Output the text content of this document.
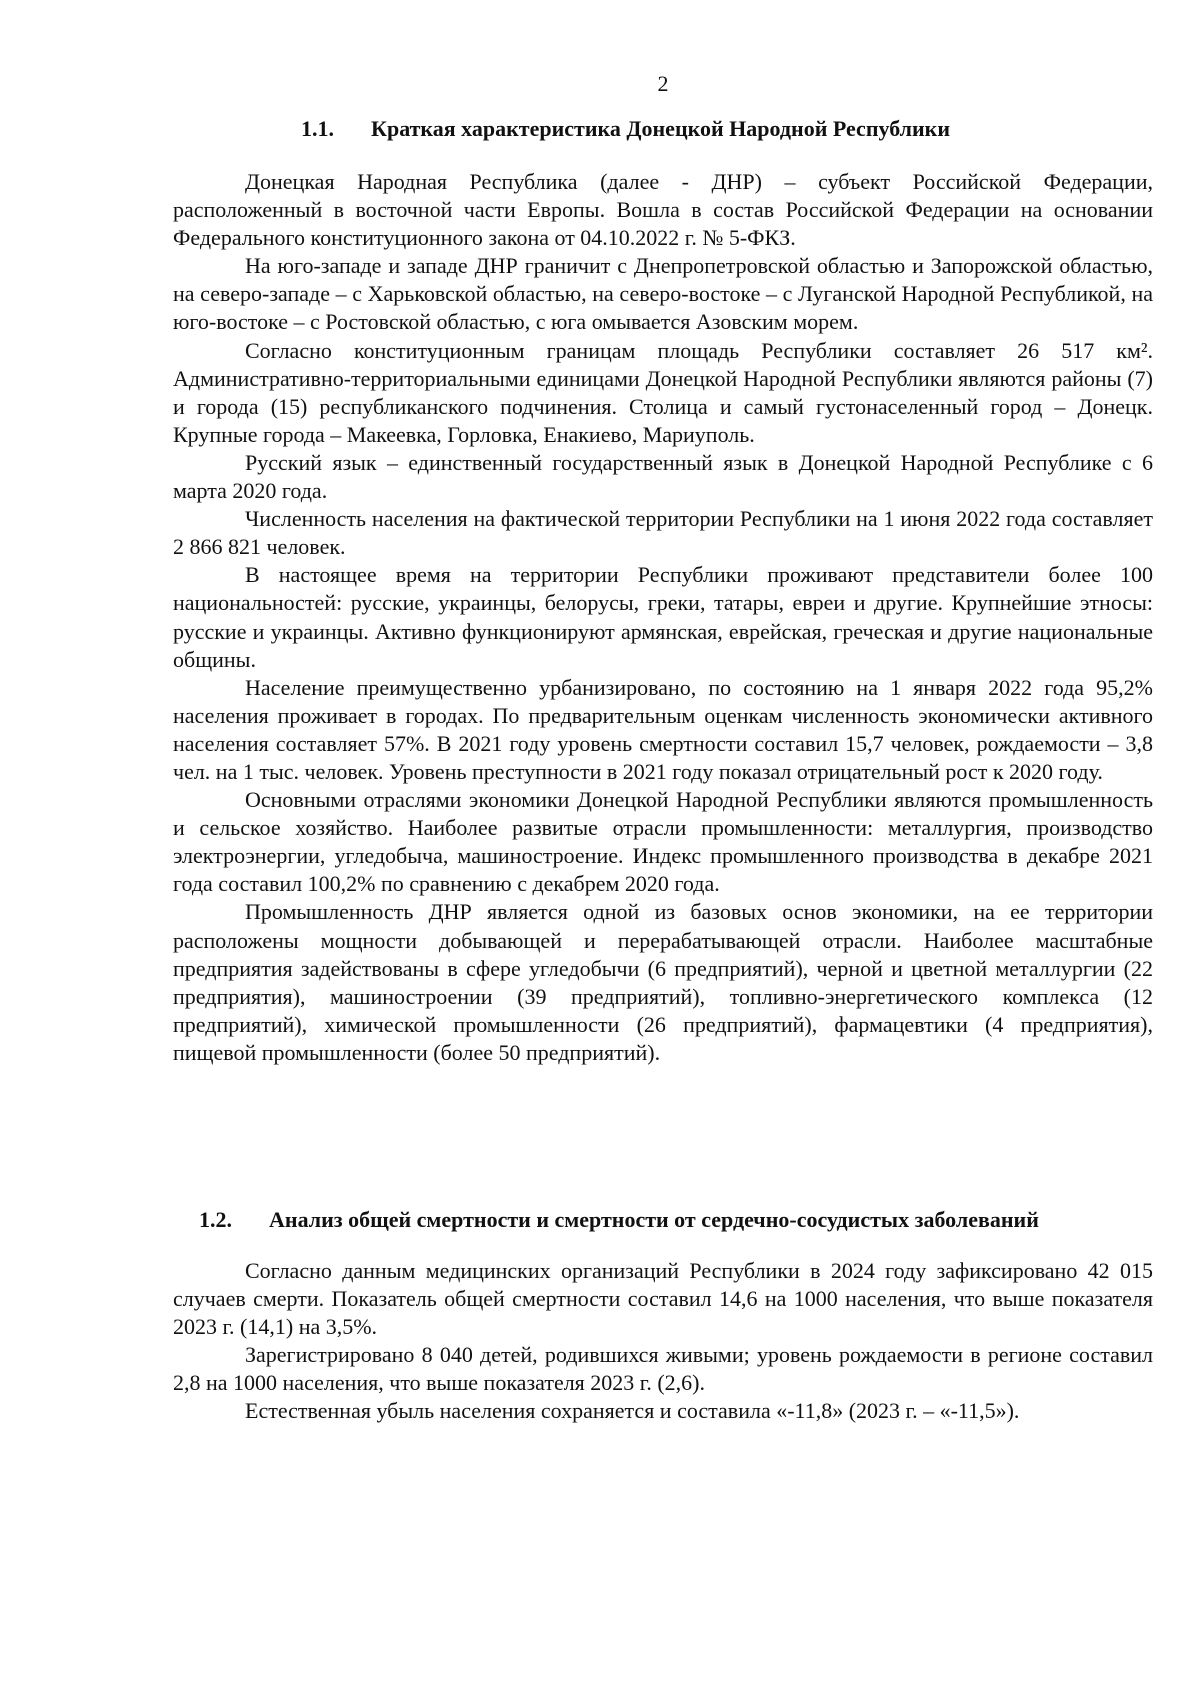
2
1.1. Краткая характеристика Донецкой Народной Республики

Донецкая Народная Республика (далее - ДНР) – субъект Российской Федерации, расположенный в восточной части Европы. Вошла в состав Российской Федерации на основании Федерального конституционного закона от 04.10.2022 г. № 5-ФКЗ.

На юго-западе и западе ДНР граничит с Днепропетровской областью и Запорожской областью, на северо-западе – с Харьковской областью, на северо-востоке – с Луганской Народной Республикой, на юго-востоке – с Ростовской областью, с юга омывается Азовским морем.

Согласно конституционным границам площадь Республики составляет 26 517 км². Административно-территориальными единицами Донецкой Народной Республики являются районы (7) и города (15) республиканского подчинения. Столица и самый густонаселенный город – Донецк. Крупные города – Макеевка, Горловка, Енакиево, Мариуполь.

Русский язык – единственный государственный язык в Донецкой Народной Республике с 6 марта 2020 года.

Численность населения на фактической территории Республики на 1 июня 2022 года составляет 2 866 821 человек.

В настоящее время на территории Республики проживают представители более 100 национальностей: русские, украинцы, белорусы, греки, татары, евреи и другие. Крупнейшие этносы: русские и украинцы. Активно функционируют армянская, еврейская, греческая и другие национальные общины.

Население преимущественно урбанизировано, по состоянию на 1 января 2022 года 95,2% населения проживает в городах. По предварительным оценкам численность экономически активного населения составляет 57%. В 2021 году уровень смертности составил 15,7 человек, рождаемости – 3,8 чел. на 1 тыс. человек. Уровень преступности в 2021 году показал отрицательный рост к 2020 году.

Основными отраслями экономики Донецкой Народной Республики являются промышленность и сельское хозяйство. Наиболее развитые отрасли промышленности: металлургия, производство электроэнергии, угледобыча, машиностроение. Индекс промышленного производства в декабре 2021 года составил 100,2% по сравнению с декабрем 2020 года.

Промышленность ДНР является одной из базовых основ экономики, на ее территории расположены мощности добывающей и перерабатывающей отрасли. Наиболее масштабные предприятия задействованы в сфере угледобычи (6 предприятий), черной и цветной металлургии (22 предприятия), машиностроении (39 предприятий), топливно-энергетического комплекса (12 предприятий), химической промышленности (26 предприятий), фармацевтики (4 предприятия), пищевой промышленности (более 50 предприятий).

1.2. Анализ общей смертности и смертности от сердечно-сосудистых заболеваний

Согласно данным медицинских организаций Республики в 2024 году зафиксировано 42 015 случаев смерти. Показатель общей смертности составил 14,6 на 1000 населения, что выше показателя 2023 г. (14,1) на 3,5%.

Зарегистрировано 8 040 детей, родившихся живыми; уровень рождаемости в регионе составил 2,8 на 1000 населения, что выше показателя 2023 г. (2,6).

Естественная убыль населения сохраняется и составила «-11,8» (2023 г. – «-11,5»).
